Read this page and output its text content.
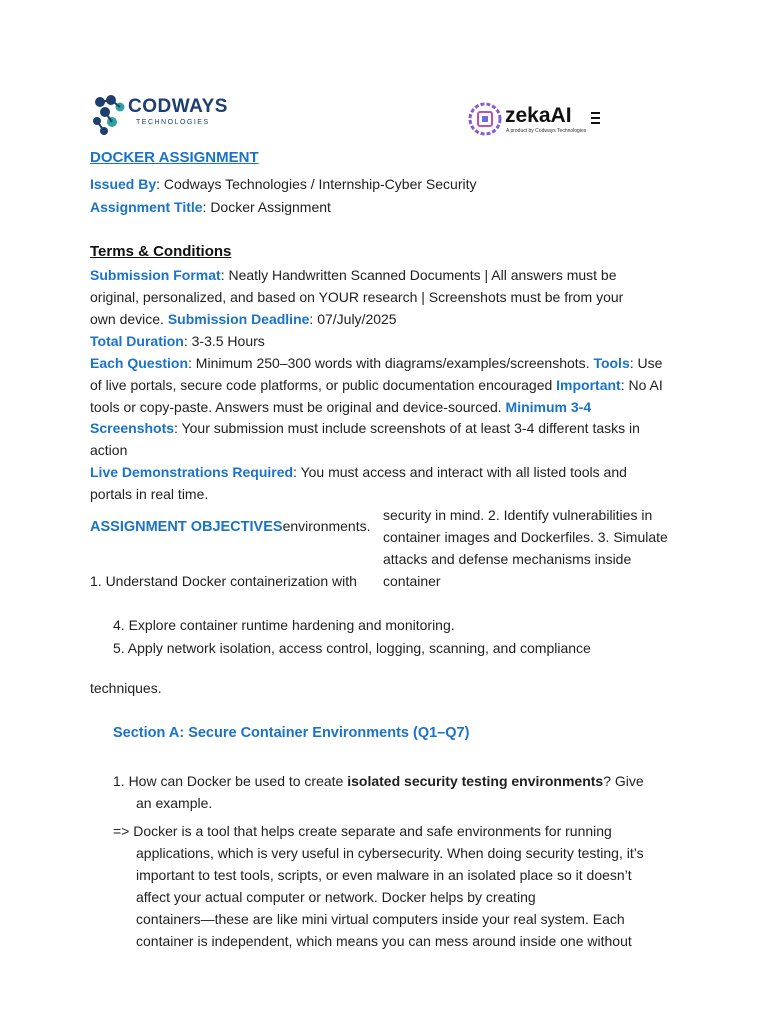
CODWAYS
TECHNOLOGIES	zekaAI
A product by Codways Technologies
DOCKER ASSIGNMENT
Issued By: Codways Technologies / Internship-Cyber Security
Assignment Title: Docker Assignment
Terms & Conditions
Submission Format: Neatly Handwritten Scanned Documents | All answers must be
original, personalized, and based on YOUR research | Screenshots must be from your
own device. Submission Deadline: 07/July/2025
Total Duration: 3-3.5 Hours
Each Question: Minimum 250–300 words with diagrams/examples/screenshots. Tools: Use
of live portals, secure code platforms, or public documentation encouraged Important: No AI
tools or copy-paste. Answers must be original and device-sourced. Minimum 3-4
Screenshots: Your submission must include screenshots of at least 3-4 different tasks in
action
Live Demonstrations Required: You must access and interact with all listed tools and
portals in real time.
ASSIGNMENT OBJECTIVESenvironments.
security in mind. 2. Identify vulnerabilities in
container images and Dockerfiles. 3. Simulate
attacks and defense mechanisms inside
container
1. Understand Docker containerization with
4. Explore container runtime hardening and monitoring.
5. Apply network isolation, access control, logging, scanning, and compliance
techniques.
Section A: Secure Container Environments (Q1–Q7)
1. How can Docker be used to create isolated security testing environments? Give
an example.
=> Docker is a tool that helps create separate and safe environments for running
applications, which is very useful in cybersecurity. When doing security testing, it’s
important to test tools, scripts, or even malware in an isolated place so it doesn’t
affect your actual computer or network. Docker helps by creating
containers—these are like mini virtual computers inside your real system. Each
container is independent, which means you can mess around inside one without
